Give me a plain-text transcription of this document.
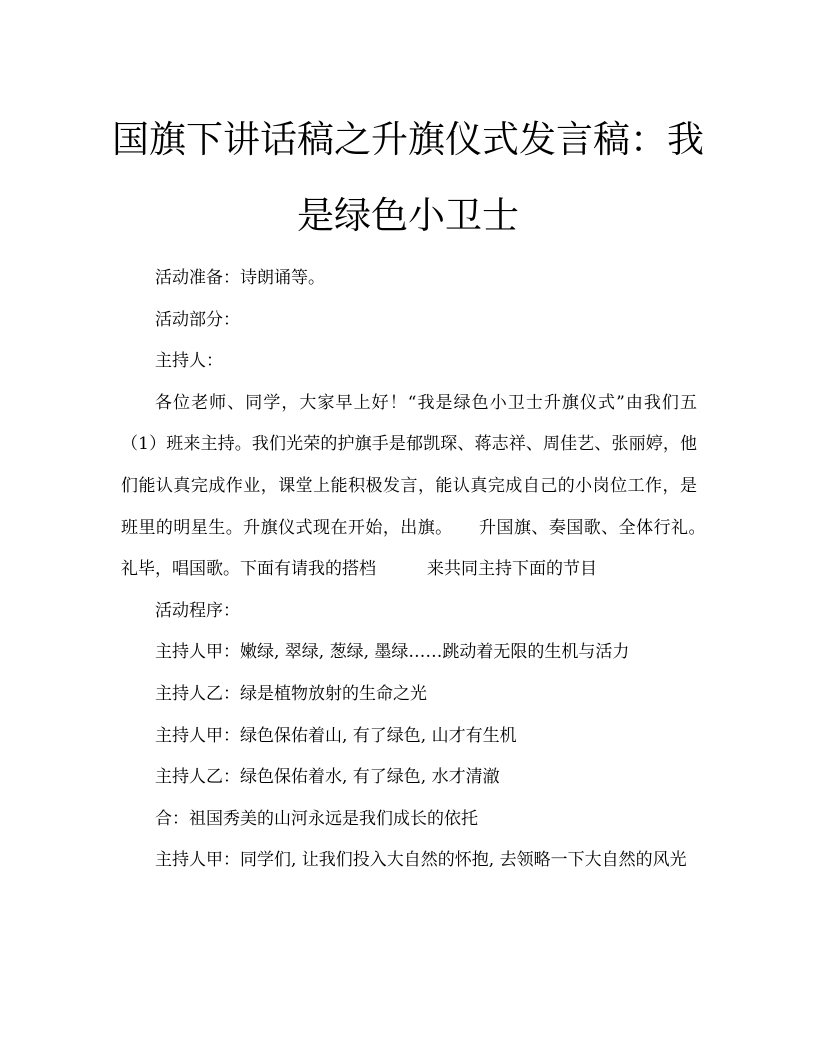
国旗下讲话稿之升旗仪式发言稿：我是绿色小卫士

活动准备：诗朗诵等。

活动部分：

主持人：

各位老师、同学，大家早上好！“我是绿色小卫士升旗仪式”由我们五（1）班来主持。我们光荣的护旗手是郁凯琛、蒋志祥、周佳艺、张丽婷，他们能认真完成作业，课堂上能积极发言，能认真完成自己的小岗位工作，是班里的明星生。升旗仪式现在开始，出旗。　　升国旗、奏国歌、全体行礼。　　　礼毕，唱国歌。下面有请我的搭档　　　来共同主持下面的节目

活动程序：

主持人甲：嫩绿, 翠绿, 葱绿, 墨绿……跳动着无限的生机与活力

主持人乙：绿是植物放射的生命之光

主持人甲：绿色保佑着山, 有了绿色, 山才有生机

主持人乙：绿色保佑着水, 有了绿色, 水才清澈

合：祖国秀美的山河永远是我们成长的依托

主持人甲：同学们, 让我们投入大自然的怀抱, 去领略一下大自然的风光
